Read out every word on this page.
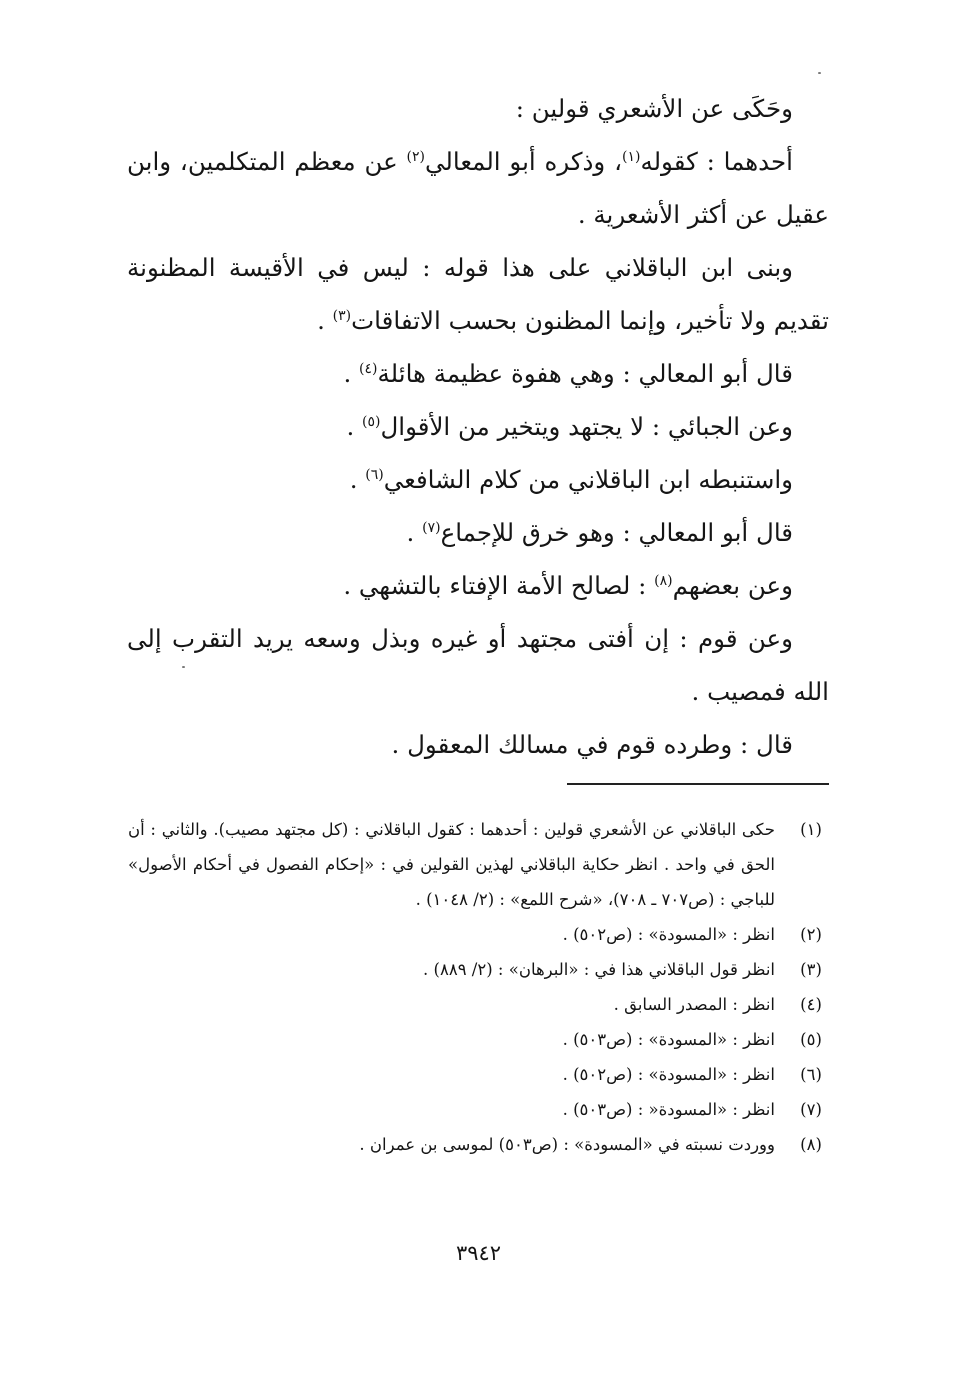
وحَكَى عن الأشعري قولين :

أحدهما : كقوله$^{(١)}$، وذكره أبو المعالي$^{(٢)}$ عن معظم المتكلمين، وابن عقيل عن أكثر الأشعرية .

وبنى ابن الباقلاني على هذا قوله : ليس في الأقيسة المظنونة تقديم ولا تأخير، وإنما المظنون بحسب الاتفاقات$^{(٣)}$ .

قال أبو المعالي : وهي هفوة عظيمة هائلة$^{(٤)}$ .

وعن الجبائي : لا يجتهد ويتخير من الأقوال$^{(٥)}$ .

واستنبطه ابن الباقلاني من كلام الشافعي$^{(٦)}$ .

قال أبو المعالي : وهو خرق للإجماع$^{(٧)}$ .

وعن بعضهم$^{(٨)}$ : لصالح الأمة الإفتاء بالتشهي .

وعن قوم : إن أفتى مجتهد أو غيره وبذل وسعه يريد التقرب إلى الله فمصيب .

قال : وطرده قوم في مسالك المعقول .

(١)
حكى الباقلاني عن الأشعري قولين : أحدهما : كقول الباقلاني : (كل مجتهد مصيب). والثاني : أن الحق في واحد . انظر حكاية الباقلاني لهذين القولين في : «إحكام الفصول في أحكام الأصول» للباجي : (ص٧٠٧ ـ ٧٠٨)، «شرح اللمع» : (٢/ ١٠٤٨) .
(٢)
انظر : «المسودة» : (ص٥٠٢) .
(٣)
انظر قول الباقلاني هذا في : «البرهان» : (٢/ ٨٨٩) .
(٤)
انظر : المصدر السابق .
(٥)
انظر : «المسودة» : (ص٥٠٣) .
(٦)
انظر : «المسودة» : (ص٥٠٢) .
(٧)
انظر : «المسودة« : (ص٥٠٣) .
(٨)
ووردت نسبته في «المسودة» : (ص٥٠٣) لموسى بن عمران .
٣٩٤٢
